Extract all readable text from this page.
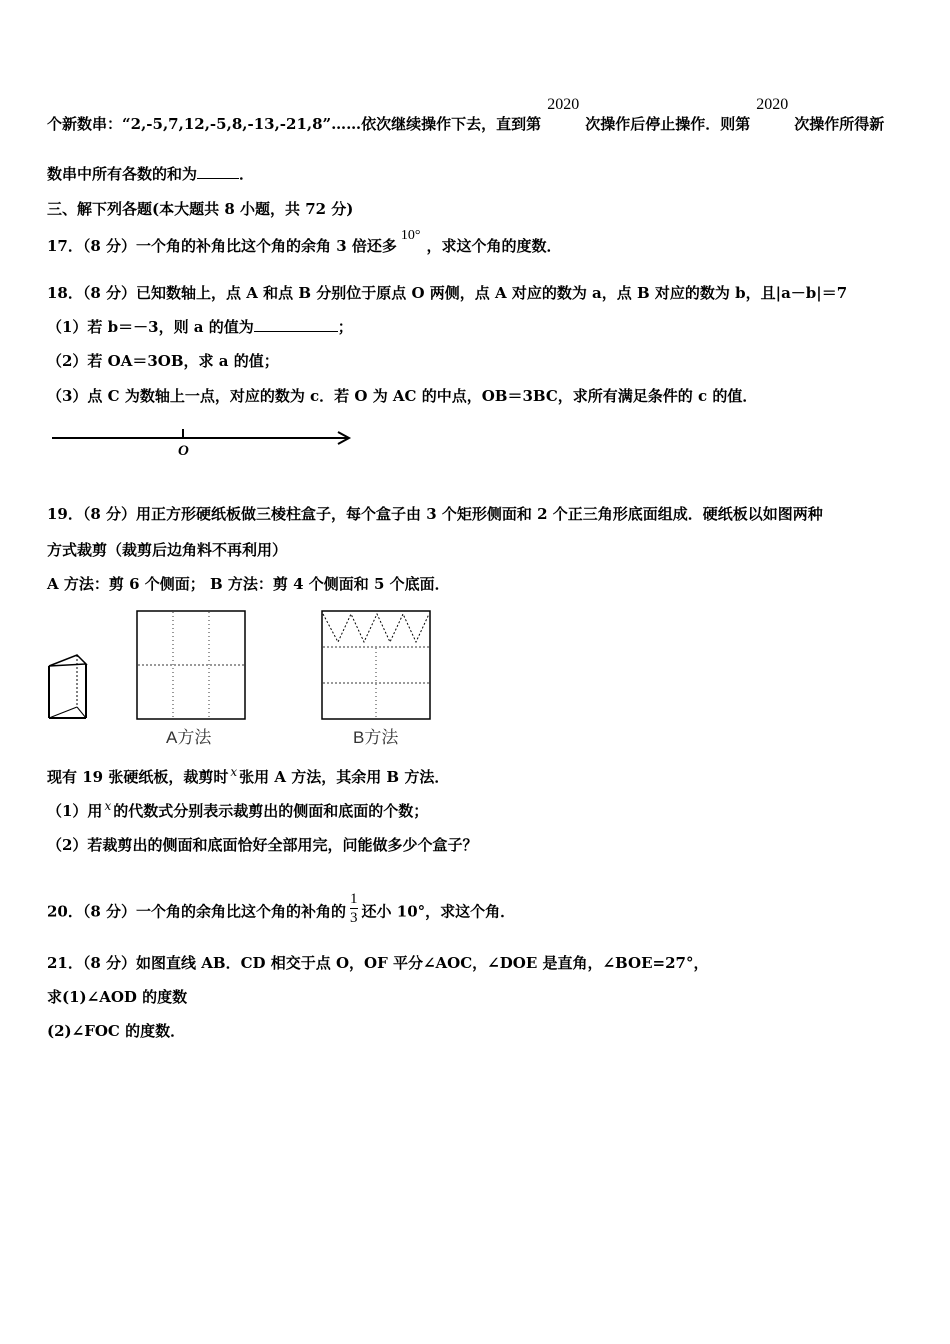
个新数串：“2,-5,7,12,-5,8,-13,-21,8”……依次继续操作下去，直到第2020次操作后停止操作．则第2020次操作所得新
数串中所有各数的和为	．
三、解下列各题(本大题共 8 小题，共 72 分)
17．（8 分）一个角的补角比这个角的余角 3 倍还多10°，求这个角的度数．
18．（8 分）已知数轴上，点 A 和点 B 分别位于原点 O 两侧，点 A 对应的数为 a，点 B 对应的数为 b，且|a－b|＝7
（1）若 b＝－3，则 a 的值为	；
（2）若 OA＝3OB，求 a 的值；
（3）点 C 为数轴上一点，对应的数为 c．若 O 为 AC 的中点，OB＝3BC，求所有满足条件的 c 的值．
O
19．（8 分）用正方形硬纸板做三棱柱盒子，每个盒子由 3 个矩形侧面和 2 个正三角形底面组成．硬纸板以如图两种
方式裁剪（裁剪后边角料不再利用）
A 方法：剪 6 个侧面； B 方法：剪 4 个侧面和 5 个底面．
A方法	B方法
现有 19 张硬纸板，裁剪时 $^x$ 张用 A 方法，其余用 B 方法．
（1）用 $^x$ 的代数式分别表示裁剪出的侧面和底面的个数；
（2）若裁剪出的侧面和底面恰好全部用完，问能做多少个盒子？
20．（8 分）一个角的余角比这个角的补角的 $\frac{1}{3}$ 还小 10°，求这个角．
21．（8 分）如图直线 AB．CD 相交于点 O，OF 平分∠AOC，∠DOE 是直角，∠BOE=27°，
求(1)∠AOD 的度数
(2)∠FOC 的度数．
